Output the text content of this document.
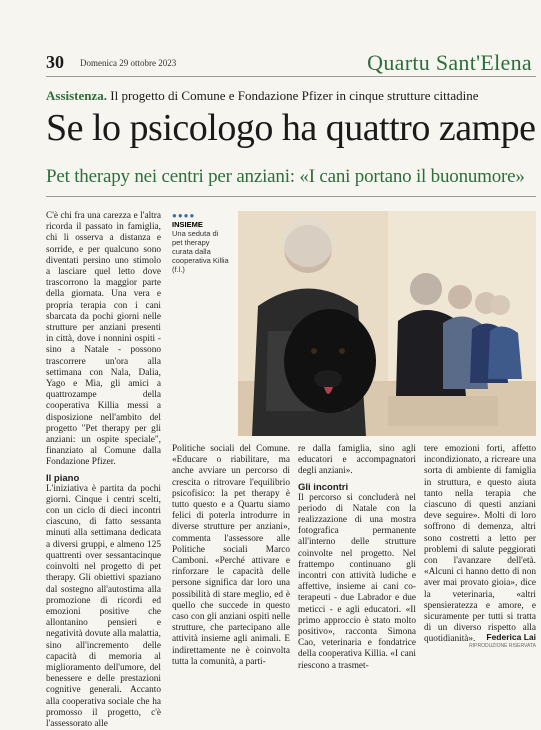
30 Domenica 29 ottobre 2023	Quartu Sant'Elena
Assistenza. Il progetto di Comune e Fondazione Pfizer in cinque strutture cittadine
Se lo psicologo ha quattro zampe
Pet therapy nei centri per anziani: «I cani portano il buonumore»

C'è chi fra una carezza e l'altra ricorda il passato in famiglia, chi li osserva a distanza e sorride, e per qualcuno sono diventati persino uno stimolo a lasciare quel letto dove trascorrono la maggior parte della giornata. Una vera e propria terapia con i cani sbarcata da pochi giorni nelle strutture per anziani presenti in città, dove i nonnini ospiti - sino a Natale - possono trascorrere un'ora alla settimana con Nala, Dalia, Yago e Mia, gli amici a quattrozampe della cooperativa Killia messi a disposizione nell'ambito del progetto "Pet therapy per gli anziani: un ospite speciale", finanziato al Comune dalla Fondazione Pfizer.

Il piano

L'iniziativa è partita da pochi giorni. Cinque i centri scelti, con un ciclo di dieci incontri ciascuno, di fatto sessanta minuti alla settimana dedicata a diversi gruppi, e almeno 125 quattrenti over sessantacinque coinvolti nel progetto di pet therapy. Gli obiettivi spaziano dal sostegno all'autostima alla promozione di ricordi ed emozioni positive che allontanino pensieri e negatività dovute alla malattia, sino all'incremento delle capacità di memoria al miglioramento dell'umore, del benessere e delle prestazioni cognitive generali. Accanto alla cooperativa sociale che ha promosso il progetto, c'è l'assessorato alle

●●●●
INSIEME
Una seduta di pet therapy curata dalla cooperativa Killia (f.l.)

Politiche sociali del Comune. «Educare o riabilitare, ma anche avviare un percorso di crescita o ritrovare l'equilibrio psicofisico: la pet therapy è tutto questo e a Quartu siamo felici di poterla introdurre in diverse strutture per anziani», commenta l'assessore alle Politiche sociali Marco Camboni. «Perché attivare e rinforzare le capacità delle persone significa dar loro una possibilità di stare meglio, ed è quello che succede in questo caso con gli anziani ospiti nelle strutture, che partecipano alle attività insieme agli animali. E indirettamente ne è coinvolta tutta la comunità, a parti-

re dalla famiglia, sino agli educatori e accompagnatori degli anziani».

Gli incontri

Il percorso si concluderà nel periodo di Natale con la realizzazione di una mostra fotografica permanente all'interno delle strutture coinvolte nel progetto. Nel frattempo continuano gli incontri con attività ludiche e affettive, insieme ai cani co-terapeuti - due Labrador e due meticci - e agli educatori. «Il primo approccio è stato molto positivo», racconta Simona Cao, veterinaria e fondatrice della cooperativa Killia. «I cani riescono a trasmet-

tere emozioni forti, affetto incondizionato, a ricreare una sorta di ambiente di famiglia in struttura, e questo aiuta tanto nella terapia che ciascuno di questi anziani deve seguire». Molti di loro soffrono di demenza, altri sono costretti a letto per problemi di salute peggiorati con l'avanzare dell'età. «Alcuni ci hanno detto di non aver mai provato gioia», dice la veterinaria, «altri spensieratezza e amore, e sicuramente per tutti si tratta di un diverso rispetto alla quotidianità».	Federica Lai
RIPRODUZIONE RISERVATA
